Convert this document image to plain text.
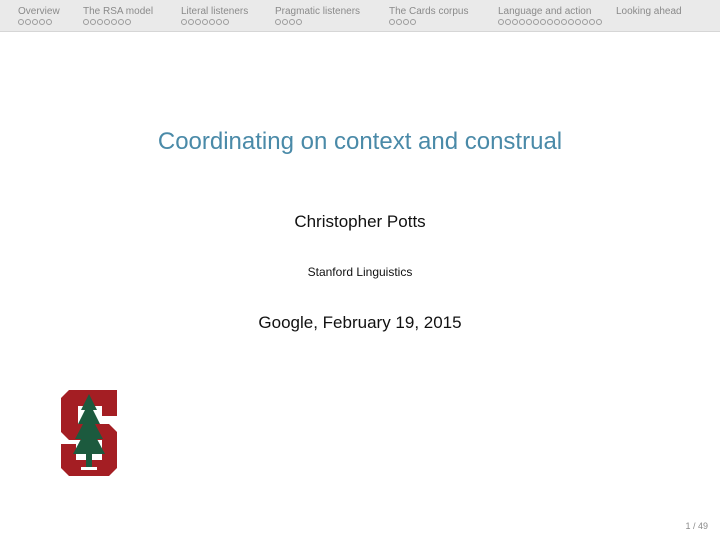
Overview The RSA model	Literal listeners	Pragmatic listeners	The Cards corpus	Language and action Looking ahead
Coordinating on context and construal
Christopher Potts
Stanford Linguistics
Google, February 19, 2015
1 / 49
